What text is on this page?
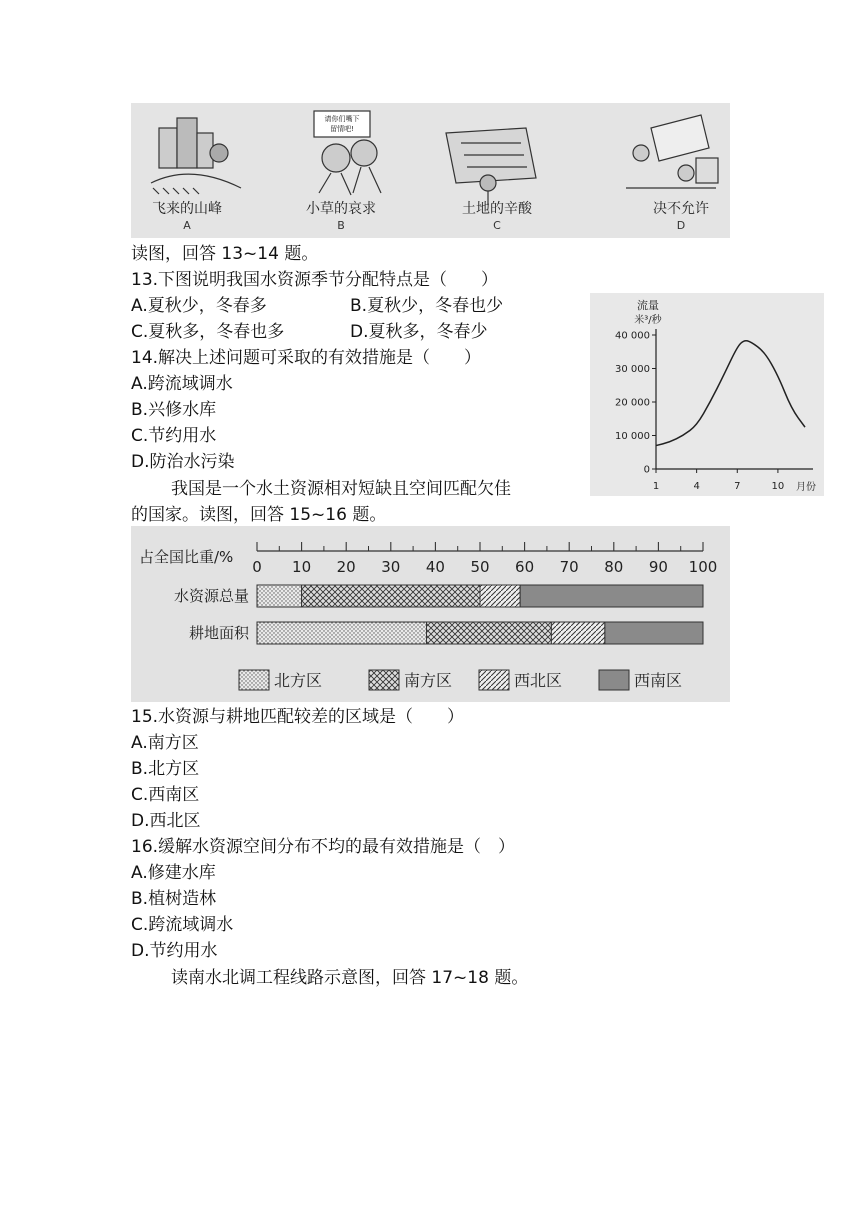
请你们嘴下
留情吧!
飞来的山峰
A
小草的哀求
B
土地的辛酸
C
决不允许
D
读图，回答 13~14 题。
13.下图说明我国水资源季节分配特点是（　　）
A.夏秋少，冬春多	B.夏秋少，冬春也少
C.夏秋多，冬春也多	D.夏秋多，冬春少
14.解决上述问题可采取的有效措施是（　　）
A.跨流域调水
B.兴修水库
C.节约用水
D.防治水污染
我国是一个水土资源相对短缺且空间匹配欠佳
的国家。读图，回答 15~16 题。
流量
米³/秒
月份
0
10 000
20 000
30 000
40 000
1	4	7	10
占全国比重/%
0 10 20 30 40 50 60 70 80 90 100
水资源总量
耕地面积
北方区	南方区	西北区	西南区
15.水资源与耕地匹配较差的区域是（　　）
A.南方区
B.北方区
C.西南区
D.西北区
16.缓解水资源空间分布不均的最有效措施是（　）
A.修建水库
B.植树造林
C.跨流域调水
D.节约用水
读南水北调工程线路示意图，回答 17~18 题。
